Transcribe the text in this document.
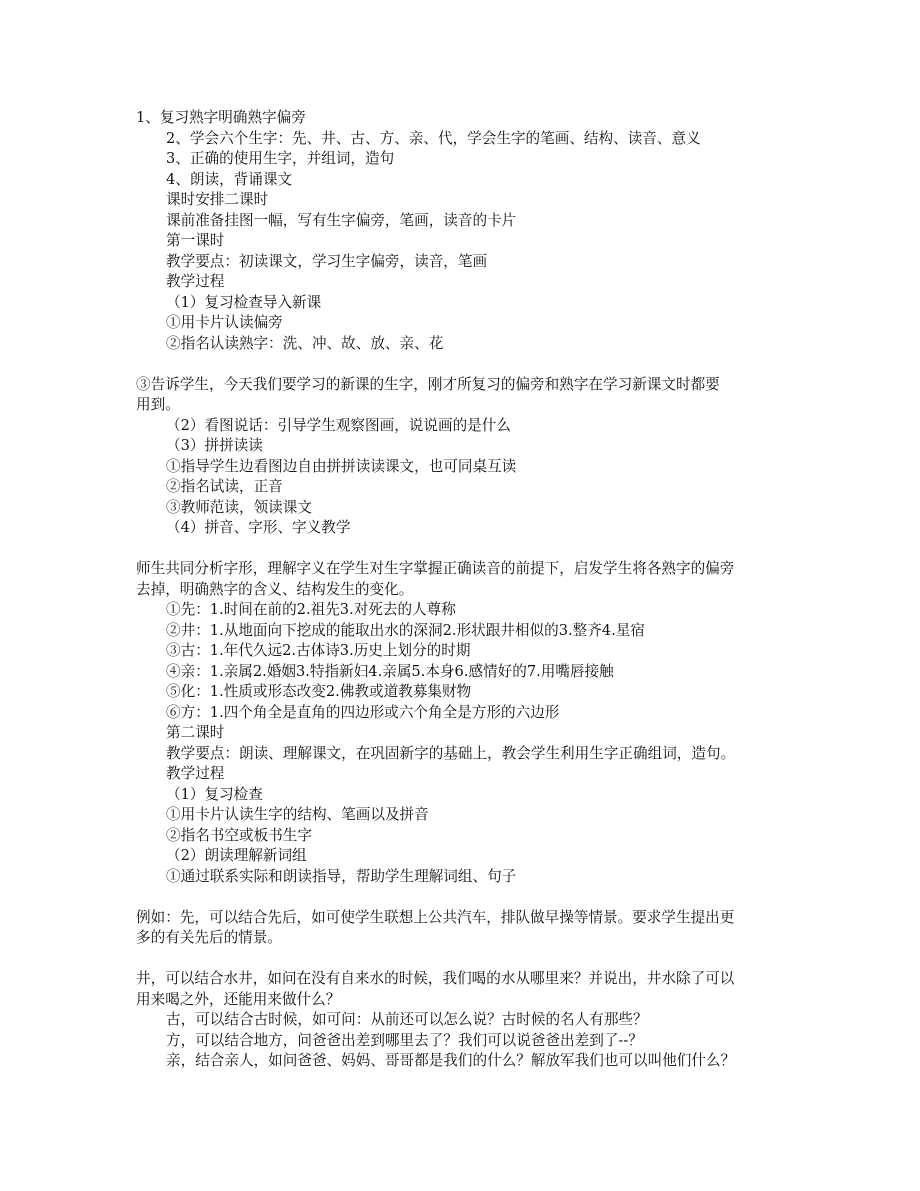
1、复习熟字明确熟字偏旁
2、学会六个生字：先、井、古、方、亲、代，学会生字的笔画、结构、读音、意义
3、正确的使用生字，并组词，造句
4、朗读，背诵课文
课时安排二课时
课前准备挂图一幅，写有生字偏旁，笔画，读音的卡片
第一课时
教学要点：初读课文，学习生字偏旁，读音，笔画
教学过程
（1）复习检查导入新课
①用卡片认读偏旁
②指名认读熟字：洗、冲、故、放、亲、花
③告诉学生，今天我们要学习的新课的生字，刚才所复习的偏旁和熟字在学习新课文时都要
用到。
（2）看图说话：引导学生观察图画，说说画的是什么
（3）拼拼读读
①指导学生边看图边自由拼拼读读课文，也可同桌互读
②指名试读，正音
③教师范读，领读课文
（4）拼音、字形、字义教学
师生共同分析字形，理解字义在学生对生字掌握正确读音的前提下，启发学生将各熟字的偏旁
去掉，明确熟字的含义、结构发生的变化。
①先：1.时间在前的2.祖先3.对死去的人尊称
②井：1.从地面向下挖成的能取出水的深洞2.形状跟井相似的3.整齐4.星宿
③古：1.年代久远2.古体诗3.历史上划分的时期
④亲：1.亲属2.婚姻3.特指新妇4.亲属5.本身6.感情好的7.用嘴唇接触
⑤化：1.性质或形态改变2.佛教或道教募集财物
⑥方：1.四个角全是直角的四边形或六个角全是方形的六边形
第二课时
教学要点：朗读、理解课文，在巩固新字的基础上，教会学生利用生字正确组词，造句。
教学过程
（1）复习检查
①用卡片认读生字的结构、笔画以及拼音
②指名书空或板书生字
（2）朗读理解新词组
①通过联系实际和朗读指导，帮助学生理解词组、句子
例如：先，可以结合先后，如可使学生联想上公共汽车，排队做早操等情景。要求学生提出更
多的有关先后的情景。
井，可以结合水井，如问在没有自来水的时候，我们喝的水从哪里来？并说出，井水除了可以
用来喝之外，还能用来做什么？
古，可以结合古时候，如可问：从前还可以怎么说？古时候的名人有那些？
方，可以结合地方，问爸爸出差到哪里去了？我们可以说爸爸出差到了--？
亲，结合亲人，如问爸爸、妈妈、哥哥都是我们的什么？解放军我们也可以叫他们什么？
